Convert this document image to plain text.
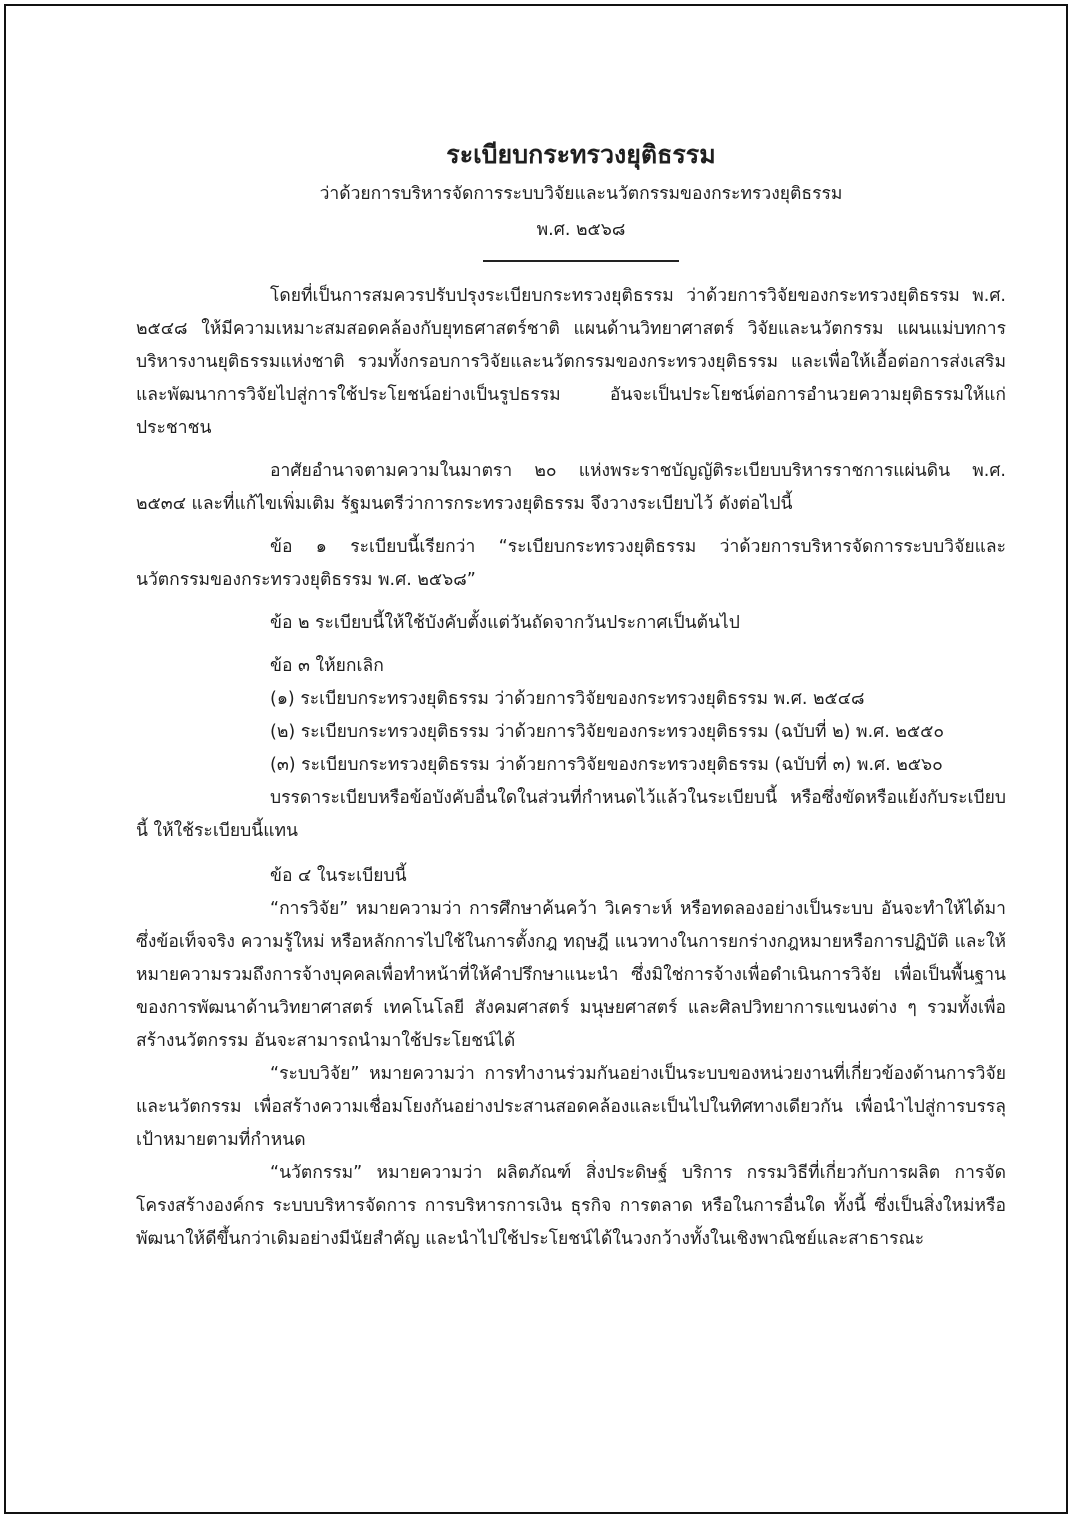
ระเบียบกระทรวงยุติธรรม
ว่าด้วยการบริหารจัดการระบบวิจัยและนวัตกรรมของกระทรวงยุติธรรม
พ.ศ. ๒๕๖๘

โดยที่เป็นการสมควรปรับปรุงระเบียบกระทรวงยุติธรรม ว่าด้วยการวิจัยของกระทรวงยุติธรรม พ.ศ. ๒๕๔๘ ให้มีความเหมาะสมสอดคล้องกับยุทธศาสตร์ชาติ แผนด้านวิทยาศาสตร์ วิจัยและนวัตกรรม แผนแม่บทการบริหารงานยุติธรรมแห่งชาติ รวมทั้งกรอบการวิจัยและนวัตกรรมของกระทรวงยุติธรรม และเพื่อให้เอื้อต่อการส่งเสริมและพัฒนาการวิจัยไปสู่การใช้ประโยชน์อย่างเป็นรูปธรรม อันจะเป็นประโยชน์ต่อการอำนวยความยุติธรรมให้แก่ประชาชน

อาศัยอำนาจตามความในมาตรา ๒๐ แห่งพระราชบัญญัติระเบียบบริหารราชการแผ่นดิน พ.ศ. ๒๕๓๔ และที่แก้ไขเพิ่มเติม รัฐมนตรีว่าการกระทรวงยุติธรรม จึงวางระเบียบไว้ ดังต่อไปนี้

ข้อ ๑ ระเบียบนี้เรียกว่า “ระเบียบกระทรวงยุติธรรม ว่าด้วยการบริหารจัดการระบบวิจัยและนวัตกรรมของกระทรวงยุติธรรม พ.ศ. ๒๕๖๘”

ข้อ ๒ ระเบียบนี้ให้ใช้บังคับตั้งแต่วันถัดจากวันประกาศเป็นต้นไป

ข้อ ๓ ให้ยกเลิก

(๑) ระเบียบกระทรวงยุติธรรม ว่าด้วยการวิจัยของกระทรวงยุติธรรม พ.ศ. ๒๕๔๘

(๒) ระเบียบกระทรวงยุติธรรม ว่าด้วยการวิจัยของกระทรวงยุติธรรม (ฉบับที่ ๒) พ.ศ. ๒๕๕๐

(๓) ระเบียบกระทรวงยุติธรรม ว่าด้วยการวิจัยของกระทรวงยุติธรรม (ฉบับที่ ๓) พ.ศ. ๒๕๖๐

บรรดาระเบียบหรือข้อบังคับอื่นใดในส่วนที่กำหนดไว้แล้วในระเบียบนี้ หรือซึ่งขัดหรือแย้งกับระเบียบนี้ ให้ใช้ระเบียบนี้แทน

ข้อ ๔ ในระเบียบนี้

“การวิจัย” หมายความว่า การศึกษาค้นคว้า วิเคราะห์ หรือทดลองอย่างเป็นระบบ อันจะทำให้ได้มาซึ่งข้อเท็จจริง ความรู้ใหม่ หรือหลักการไปใช้ในการตั้งกฎ ทฤษฎี แนวทางในการยกร่างกฎหมายหรือการปฏิบัติ และให้หมายความรวมถึงการจ้างบุคคลเพื่อทำหน้าที่ให้คำปรึกษาแนะนำ ซึ่งมิใช่การจ้างเพื่อดำเนินการวิจัย เพื่อเป็นพื้นฐานของการพัฒนาด้านวิทยาศาสตร์ เทคโนโลยี สังคมศาสตร์ มนุษยศาสตร์ และศิลปวิทยาการแขนงต่าง ๆ รวมทั้งเพื่อสร้างนวัตกรรม อันจะสามารถนำมาใช้ประโยชน์ได้

“ระบบวิจัย” หมายความว่า การทำงานร่วมกันอย่างเป็นระบบของหน่วยงานที่เกี่ยวข้องด้านการวิจัยและนวัตกรรม เพื่อสร้างความเชื่อมโยงกันอย่างประสานสอดคล้องและเป็นไปในทิศทางเดียวกัน เพื่อนำไปสู่การบรรลุเป้าหมายตามที่กำหนด

“นวัตกรรม” หมายความว่า ผลิตภัณฑ์ สิ่งประดิษฐ์ บริการ กรรมวิธีที่เกี่ยวกับการผลิต การจัดโครงสร้างองค์กร ระบบบริหารจัดการ การบริหารการเงิน ธุรกิจ การตลาด หรือในการอื่นใด ทั้งนี้ ซึ่งเป็นสิ่งใหม่หรือพัฒนาให้ดีขึ้นกว่าเดิมอย่างมีนัยสำคัญ และนำไปใช้ประโยชน์ได้ในวงกว้างทั้งในเชิงพาณิชย์และสาธารณะ
